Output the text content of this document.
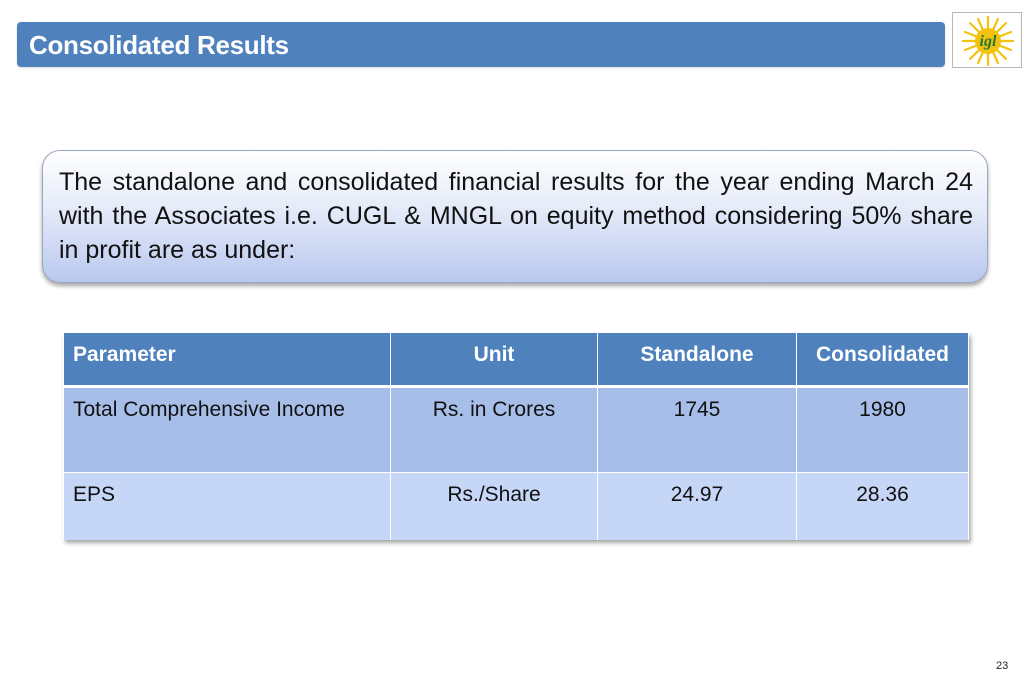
Consolidated Results	igl

The standalone and consolidated financial results for the year ending March 24 with the Associates i.e. CUGL & MNGL on equity method considering 50% share in profit are as under:

Parameter	Unit	Standalone	Consolidated
Total Comprehensive Income	Rs. in Crores	1745	1980
EPS	Rs./Share	24.97	28.36
23
